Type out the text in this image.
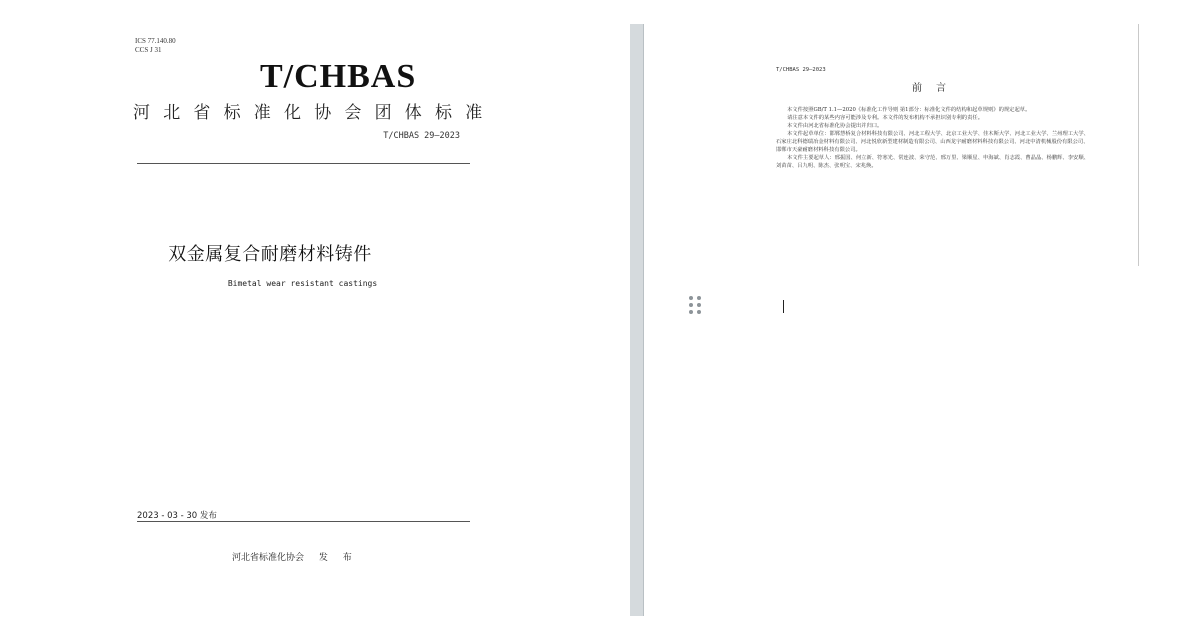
ICS 77.140.80
CCS J 31
T/CHBAS
河北省标准化协会团体标准
T/CHBAS 29—2023
双金属复合耐磨材料铸件
Bimetal wear resistant castings
2023 - 03 - 30 发布
河北省标准化协会 发 布
T/CHBAS 29—2023
前言

本文件按照GB/T 1.1—2020《标准化工作导则 第1部分：标准化文件的结构和起草规则》的规定起草。

请注意本文件的某些内容可能涉及专利。本文件的发布机构不承担识别专利的责任。

本文件由河北省标准化协会提出并归口。

本文件起草单位：邯郸慧桥复合材料科技有限公司、河北工程大学、北京工业大学、佳木斯大学、河北工业大学、兰州理工大学、石家庄北科德瑞冶金材料有限公司、河北悦欣新型建材制造有限公司、山西龙宇耐磨材料科技有限公司、河北中清机械股份有限公司、邯郸市天豪耐磨材料科技有限公司。

本文件主要起草人：邢振国、何立新、符寒光、常连波、荣守范、邢万里、梁顺星、申海斌、肖志霞、曹晶晶、杨鹏辉、李安顺、刘苗苗、吕九明、陈杰、张明宝、宋兆焕。
